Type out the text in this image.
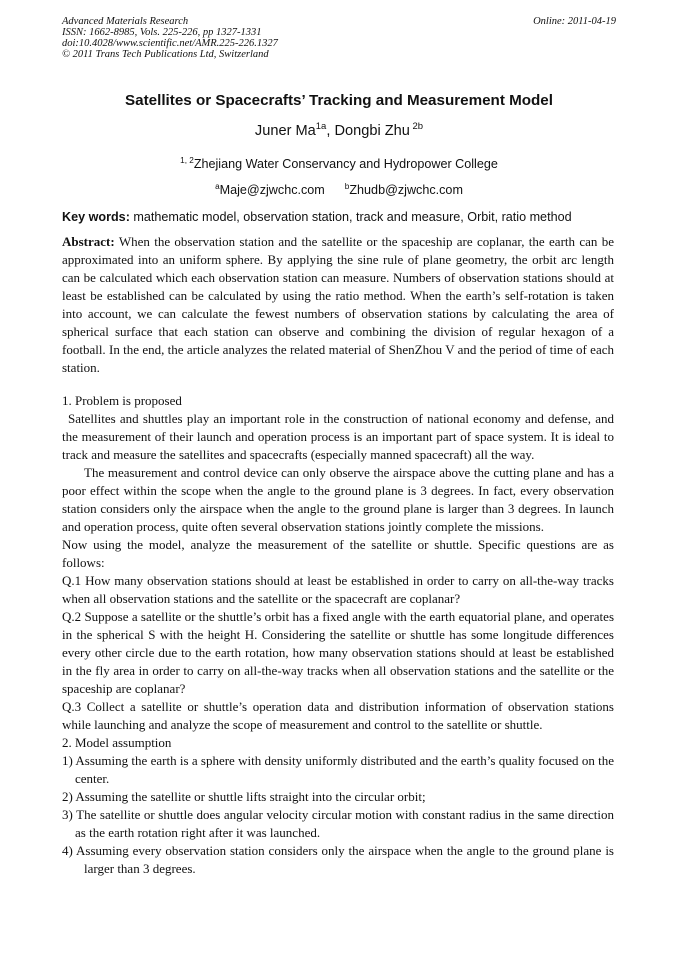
Advanced Materials Research
ISSN: 1662-8985, Vols. 225-226, pp 1327-1331
doi:10.4028/www.scientific.net/AMR.225-226.1327
© 2011 Trans Tech Publications Ltd, Switzerland
Online: 2011-04-19
Satellites or Spacecrafts’ Tracking and Measurement Model
Juner $Ma^{1a}$, Dongbi Zhu $^{2b}$
$^{1, 2}$Zhejiang Water Conservancy and Hydropower College
$^a$Maje@zjwchc.com $^b$Zhudb@zjwchc.com
Key words: mathematic model, observation station, track and measure, Orbit, ratio method
Abstract: When the observation station and the satellite or the spaceship are coplanar, the earth can be approximated into an uniform sphere. By applying the sine rule of plane geometry, the orbit arc length can be calculated which each observation station can measure. Numbers of observation stations should at least be established can be calculated by using the ratio method. When the earth’s self-rotation is taken into account, we can calculate the fewest numbers of observation stations by calculating the area of spherical surface that each station can observe and combining the division of regular hexagon of a football. In the end, the article analyzes the related material of ShenZhou V and the period of time of each station.

1. Problem is proposed

Satellites and shuttles play an important role in the construction of national economy and defense, and the measurement of their launch and operation process is an important part of space system. It is ideal to track and measure the satellites and spacecrafts (especially manned spacecraft) all the way.

The measurement and control device can only observe the airspace above the cutting plane and has a poor effect within the scope when the angle to the ground plane is 3 degrees. In fact, every observation station considers only the airspace when the angle to the ground plane is larger than 3 degrees. In launch and operation process, quite often several observation stations jointly complete the missions.

Now using the model, analyze the measurement of the satellite or shuttle. Specific questions are as follows:

Q.1 How many observation stations should at least be established in order to carry on all-the-way tracks when all observation stations and the satellite or the spacecraft are coplanar?

Q.2 Suppose a satellite or the shuttle’s orbit has a fixed angle with the earth equatorial plane, and operates in the spherical S with the height H. Considering the satellite or shuttle has some longitude differences every other circle due to the earth rotation, how many observation stations should at least be established in the fly area in order to carry on all-the-way tracks when all observation stations and the satellite or the spaceship are coplanar?

Q.3 Collect a satellite or shuttle’s operation data and distribution information of observation stations while launching and analyze the scope of measurement and control to the satellite or shuttle.

2. Model assumption

1) Assuming the earth is a sphere with density uniformly distributed and the earth’s quality focused on the center.

2) Assuming the satellite or shuttle lifts straight into the circular orbit;

3) The satellite or shuttle does angular velocity circular motion with constant radius in the same direction as the earth rotation right after it was launched.

4) Assuming every observation station considers only the airspace when the angle to the ground plane is larger than 3 degrees.
